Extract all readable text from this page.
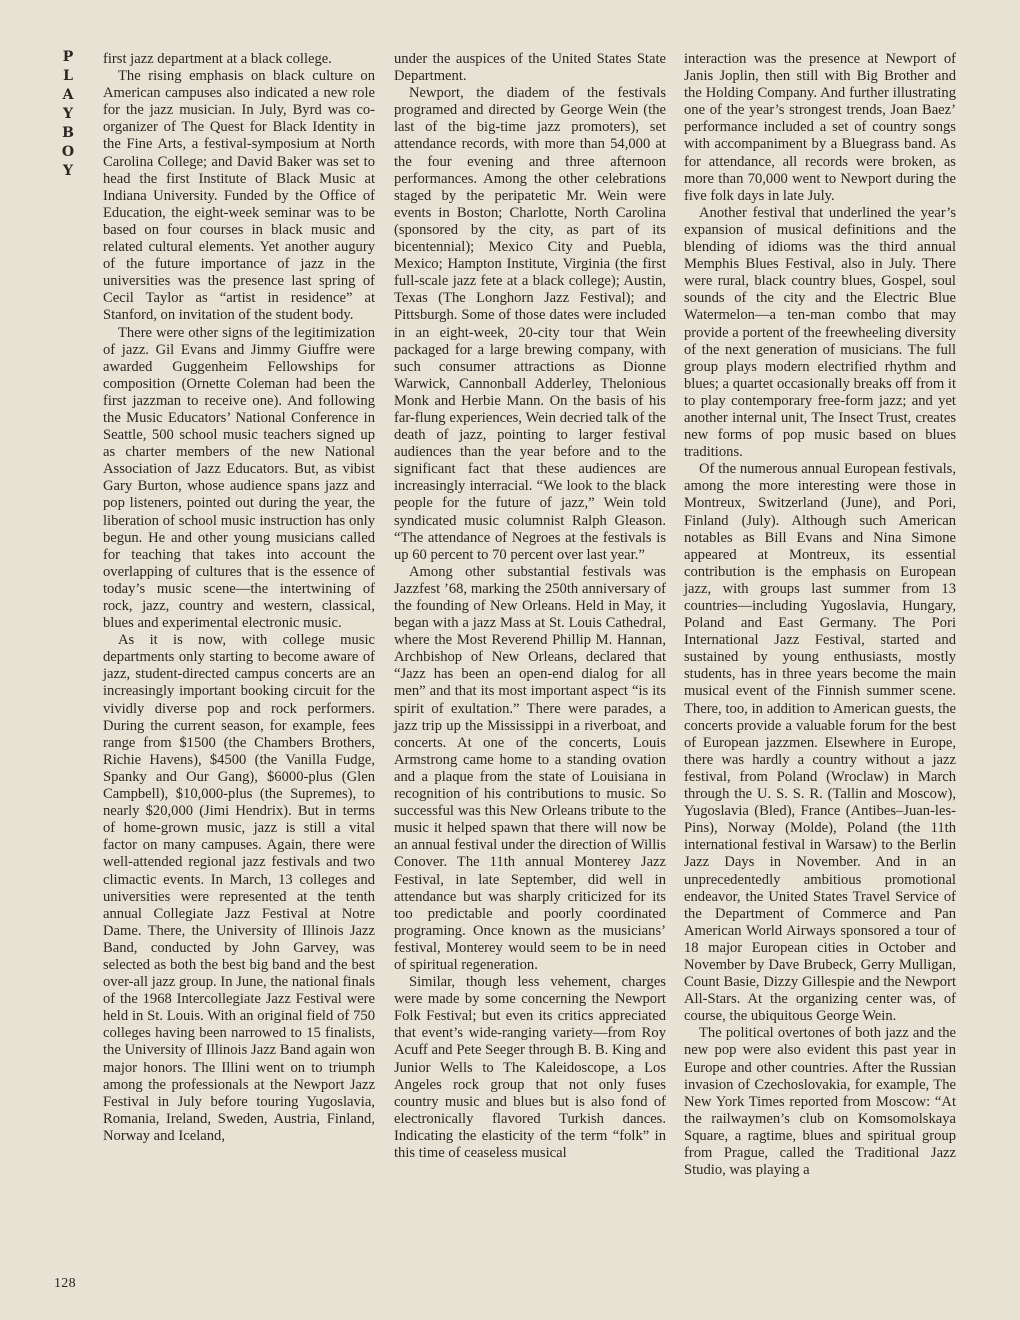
P
L
A
Y
B
O
Y

first jazz department at a black college.

The rising emphasis on black culture on American campuses also indicated a new role for the jazz musician. In July, Byrd was co-organizer of The Quest for Black Identity in the Fine Arts, a festival-symposium at North Carolina College; and David Baker was set to head the first Institute of Black Music at Indiana University. Funded by the Office of Education, the eight-week seminar was to be based on four courses in black music and related cultural elements. Yet another augury of the future importance of jazz in the universities was the presence last spring of Cecil Taylor as “artist in residence” at Stanford, on invitation of the student body.

There were other signs of the legitimization of jazz. Gil Evans and Jimmy Giuffre were awarded Guggenheim Fellowships for composition (Ornette Coleman had been the first jazzman to receive one). And following the Music Educators’ National Conference in Seattle, 500 school music teachers signed up as charter members of the new National Association of Jazz Educators. But, as vibist Gary Burton, whose audience spans jazz and pop listeners, pointed out during the year, the liberation of school music instruction has only begun. He and other young musicians called for teaching that takes into account the overlapping of cultures that is the essence of today’s music scene—the intertwining of rock, jazz, country and western, classical, blues and experimental electronic music.

As it is now, with college music departments only starting to become aware of jazz, student-directed campus concerts are an increasingly important booking circuit for the vividly diverse pop and rock performers. During the current season, for example, fees range from $1500 (the Chambers Brothers, Richie Havens), $4500 (the Vanilla Fudge, Spanky and Our Gang), $6000-plus (Glen Campbell), $10,000-plus (the Supremes), to nearly $20,000 (Jimi Hendrix). But in terms of home-grown music, jazz is still a vital factor on many campuses. Again, there were well-attended regional jazz festivals and two climactic events. In March, 13 colleges and universities were represented at the tenth annual Collegiate Jazz Festival at Notre Dame. There, the University of Illinois Jazz Band, conducted by John Garvey, was selected as both the best big band and the best over-all jazz group. In June, the national finals of the 1968 Intercollegiate Jazz Festival were held in St. Louis. With an original field of 750 colleges having been narrowed to 15 finalists, the University of Illinois Jazz Band again won major honors. The Illini went on to triumph among the professionals at the Newport Jazz Festival in July before touring Yugoslavia, Romania, Ireland, Sweden, Austria, Finland, Norway and Iceland,

under the auspices of the United States State Department.

Newport, the diadem of the festivals programed and directed by George Wein (the last of the big-time jazz promoters), set attendance records, with more than 54,000 at the four evening and three afternoon performances. Among the other celebrations staged by the peripatetic Mr. Wein were events in Boston; Charlotte, North Carolina (sponsored by the city, as part of its bicentennial); Mexico City and Puebla, Mexico; Hampton Institute, Virginia (the first full-scale jazz fete at a black college); Austin, Texas (The Longhorn Jazz Festival); and Pittsburgh. Some of those dates were included in an eight-week, 20-city tour that Wein packaged for a large brewing company, with such consumer attractions as Dionne Warwick, Cannonball Adderley, Thelonious Monk and Herbie Mann. On the basis of his far-flung experiences, Wein decried talk of the death of jazz, pointing to larger festival audiences than the year before and to the significant fact that these audiences are increasingly interracial. “We look to the black people for the future of jazz,” Wein told syndicated music columnist Ralph Gleason. “The attendance of Negroes at the festivals is up 60 percent to 70 percent over last year.”

Among other substantial festivals was Jazzfest ’68, marking the 250th anniversary of the founding of New Orleans. Held in May, it began with a jazz Mass at St. Louis Cathedral, where the Most Reverend Phillip M. Hannan, Archbishop of New Orleans, declared that “Jazz has been an open-end dialog for all men” and that its most important aspect “is its spirit of exultation.” There were parades, a jazz trip up the Mississippi in a riverboat, and concerts. At one of the concerts, Louis Armstrong came home to a standing ovation and a plaque from the state of Louisiana in recognition of his contributions to music. So successful was this New Orleans tribute to the music it helped spawn that there will now be an annual festival under the direction of Willis Conover. The 11th annual Monterey Jazz Festival, in late September, did well in attendance but was sharply criticized for its too predictable and poorly coordinated programing. Once known as the musicians’ festival, Monterey would seem to be in need of spiritual regeneration.

Similar, though less vehement, charges were made by some concerning the Newport Folk Festival; but even its critics appreciated that event’s wide-ranging variety—from Roy Acuff and Pete Seeger through B. B. King and Junior Wells to The Kaleidoscope, a Los Angeles rock group that not only fuses country music and blues but is also fond of electronically flavored Turkish dances. Indicating the elasticity of the term “folk” in this time of ceaseless musical

interaction was the presence at Newport of Janis Joplin, then still with Big Brother and the Holding Company. And further illustrating one of the year’s strongest trends, Joan Baez’ performance included a set of country songs with accompaniment by a Bluegrass band. As for attendance, all records were broken, as more than 70,000 went to Newport during the five folk days in late July.

Another festival that underlined the year’s expansion of musical definitions and the blending of idioms was the third annual Memphis Blues Festival, also in July. There were rural, black country blues, Gospel, soul sounds of the city and the Electric Blue Watermelon—a ten-man combo that may provide a portent of the freewheeling diversity of the next generation of musicians. The full group plays modern electrified rhythm and blues; a quartet occasionally breaks off from it to play contemporary free-form jazz; and yet another internal unit, The Insect Trust, creates new forms of pop music based on blues traditions.

Of the numerous annual European festivals, among the more interesting were those in Montreux, Switzerland (June), and Pori, Finland (July). Although such American notables as Bill Evans and Nina Simone appeared at Montreux, its essential contribution is the emphasis on European jazz, with groups last summer from 13 countries—including Yugoslavia, Hungary, Poland and East Germany. The Pori International Jazz Festival, started and sustained by young enthusiasts, mostly students, has in three years become the main musical event of the Finnish summer scene. There, too, in addition to American guests, the concerts provide a valuable forum for the best of European jazzmen. Elsewhere in Europe, there was hardly a country without a jazz festival, from Poland (Wroclaw) in March through the U. S. S. R. (Tallin and Moscow), Yugoslavia (Bled), France (Antibes–Juan-les-Pins), Norway (Molde), Poland (the 11th international festival in Warsaw) to the Berlin Jazz Days in November. And in an unprecedentedly ambitious promotional endeavor, the United States Travel Service of the Department of Commerce and Pan American World Airways sponsored a tour of 18 major European cities in October and November by Dave Brubeck, Gerry Mulligan, Count Basie, Dizzy Gillespie and the Newport All-Stars. At the organizing center was, of course, the ubiquitous George Wein.

The political overtones of both jazz and the new pop were also evident this past year in Europe and other countries. After the Russian invasion of Czechoslovakia, for example, The New York Times reported from Moscow: “At the railwaymen’s club on Komsomolskaya Square, a ragtime, blues and spiritual group from Prague, called the Traditional Jazz Studio, was playing a

128
